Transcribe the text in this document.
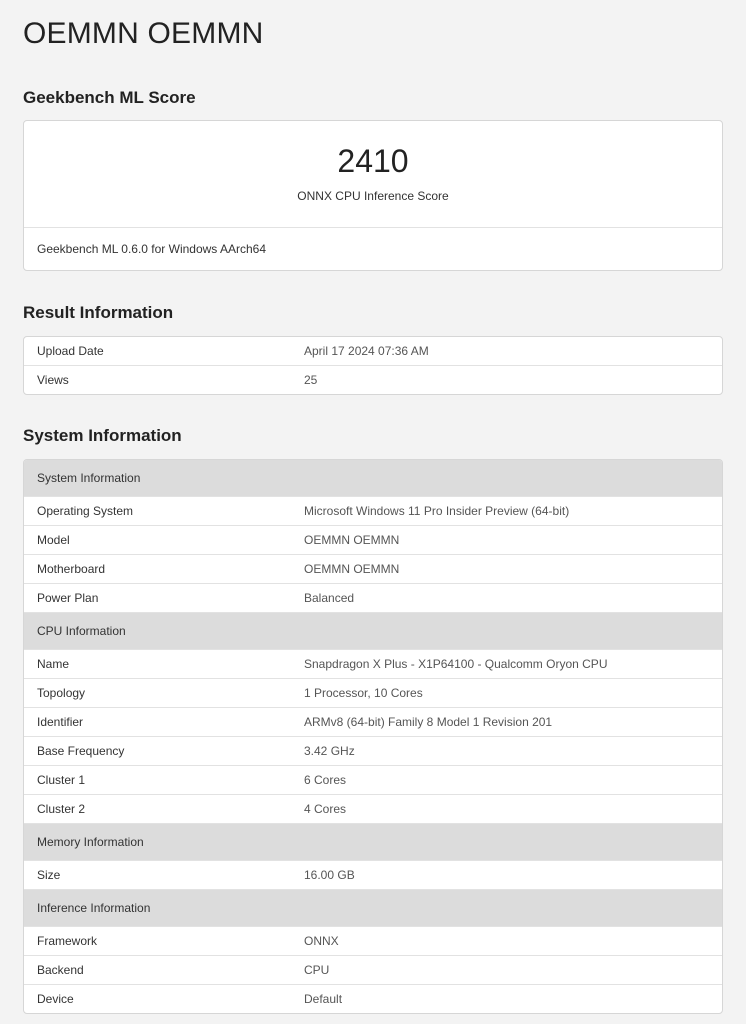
OEMMN OEMMN
Geekbench ML Score
2410
ONNX CPU Inference Score
Geekbench ML 0.6.0 for Windows AArch64
Result Information
Upload Date	April 17 2024 07:36 AM
Views	25
System Information
System Information
Operating System	Microsoft Windows 11 Pro Insider Preview (64-bit)
Model	OEMMN OEMMN
Motherboard	OEMMN OEMMN
Power Plan	Balanced
CPU Information
Name	Snapdragon X Plus - X1P64100 - Qualcomm Oryon CPU
Topology	1 Processor, 10 Cores
Identifier	ARMv8 (64-bit) Family 8 Model 1 Revision 201
Base Frequency	3.42 GHz
Cluster 1	6 Cores
Cluster 2	4 Cores
Memory Information
Size	16.00 GB
Inference Information
Framework	ONNX
Backend	CPU
Device	Default
